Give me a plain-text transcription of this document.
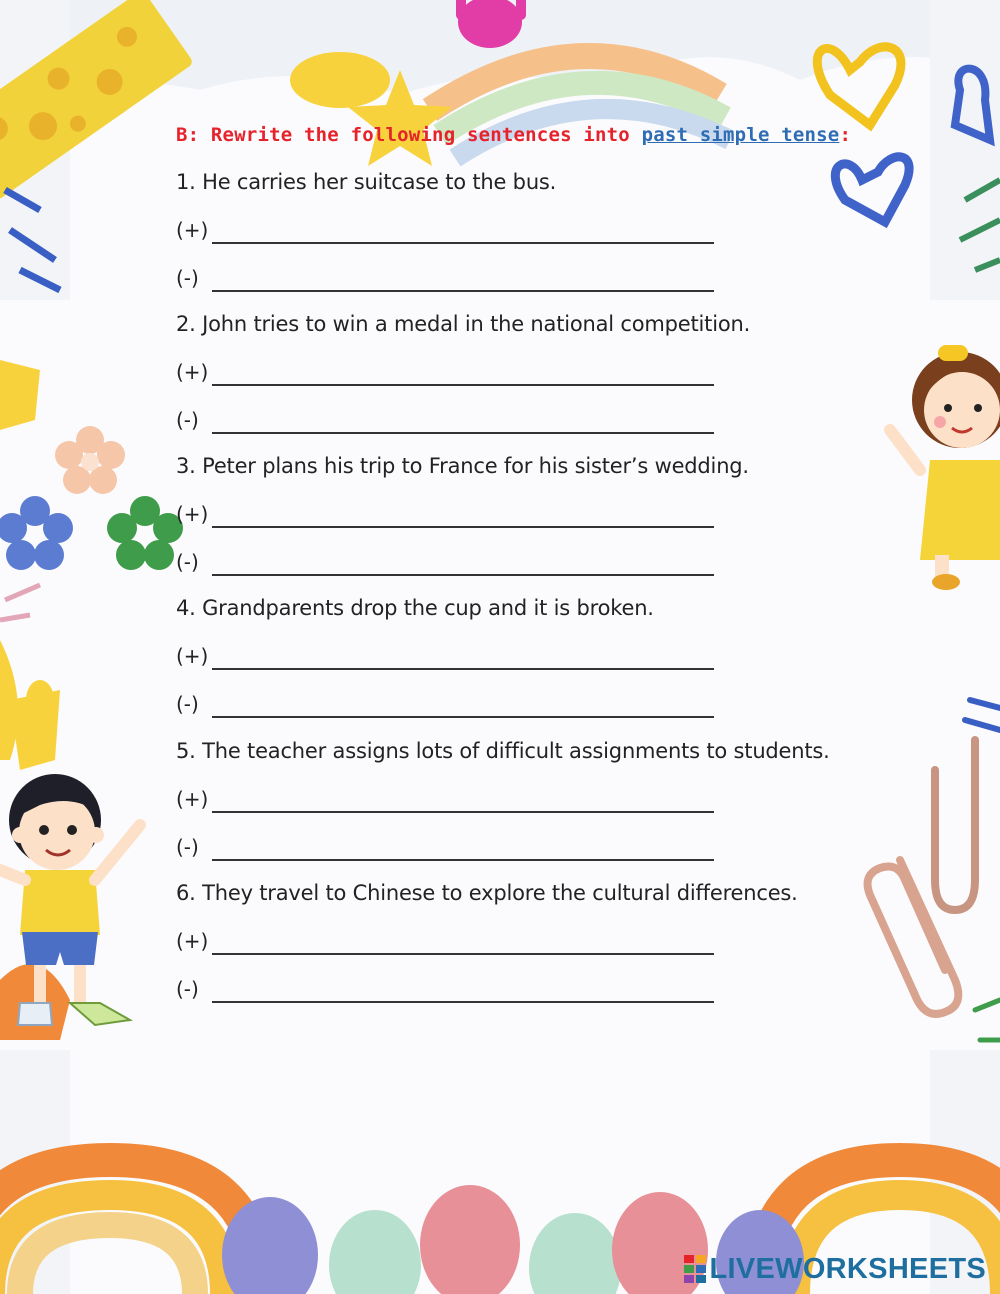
B: Rewrite the following sentences into past simple tense:
1. He carries her suitcase to the bus.
(+)
(-)
2. John tries to win a medal in the national competition.
(+)
(-)
3. Peter plans his trip to France for his sister’s wedding.
(+)
(-)
4. Grandparents drop the cup and it is broken.
(+)
(-)
5. The teacher assigns lots of difficult assignments to students.
(+)
(-)
6. They travel to Chinese to explore the cultural differences.
(+)
(-)
LIVEWORKSHEETS
